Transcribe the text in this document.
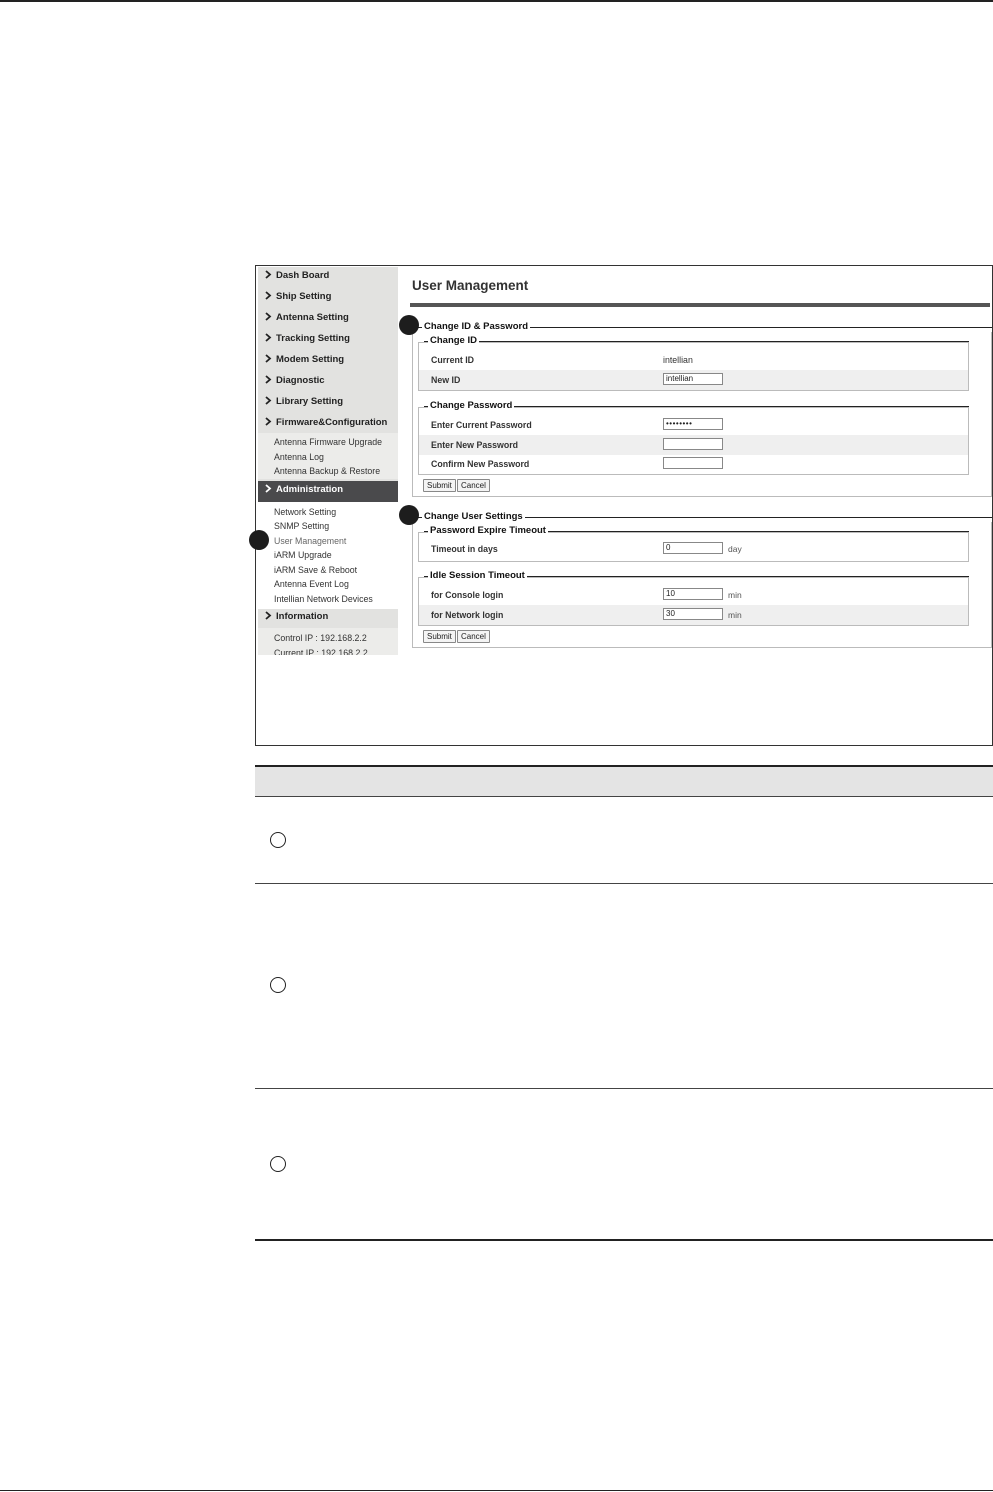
Dash Board
Ship Setting
Antenna Setting
Tracking Setting
Modem Setting
Diagnostic
Library Setting
Firmware&Configuration
Antenna Firmware Upgrade
Antenna Log
Antenna Backup & Restore
Administration
Network Setting
SNMP Setting
User Management
iARM Upgrade
iARM Save & Reboot
Antenna Event Log
Intellian Network Devices
Information
Control IP : 192.168.2.2
Current IP : 192.168.2.2
User Management
Change ID & Password
Current ID	intellian
New ID	intellian
Change ID
Enter Current Password	••••••••
Enter New Password
Confirm New Password
Change Password
Submit	Cancel
Change User Settings
Timeout in days	0	day
Password Expire Timeout
for Console login	10	min
for Network login	30	min
Idle Session Timeout
Submit	Cancel
